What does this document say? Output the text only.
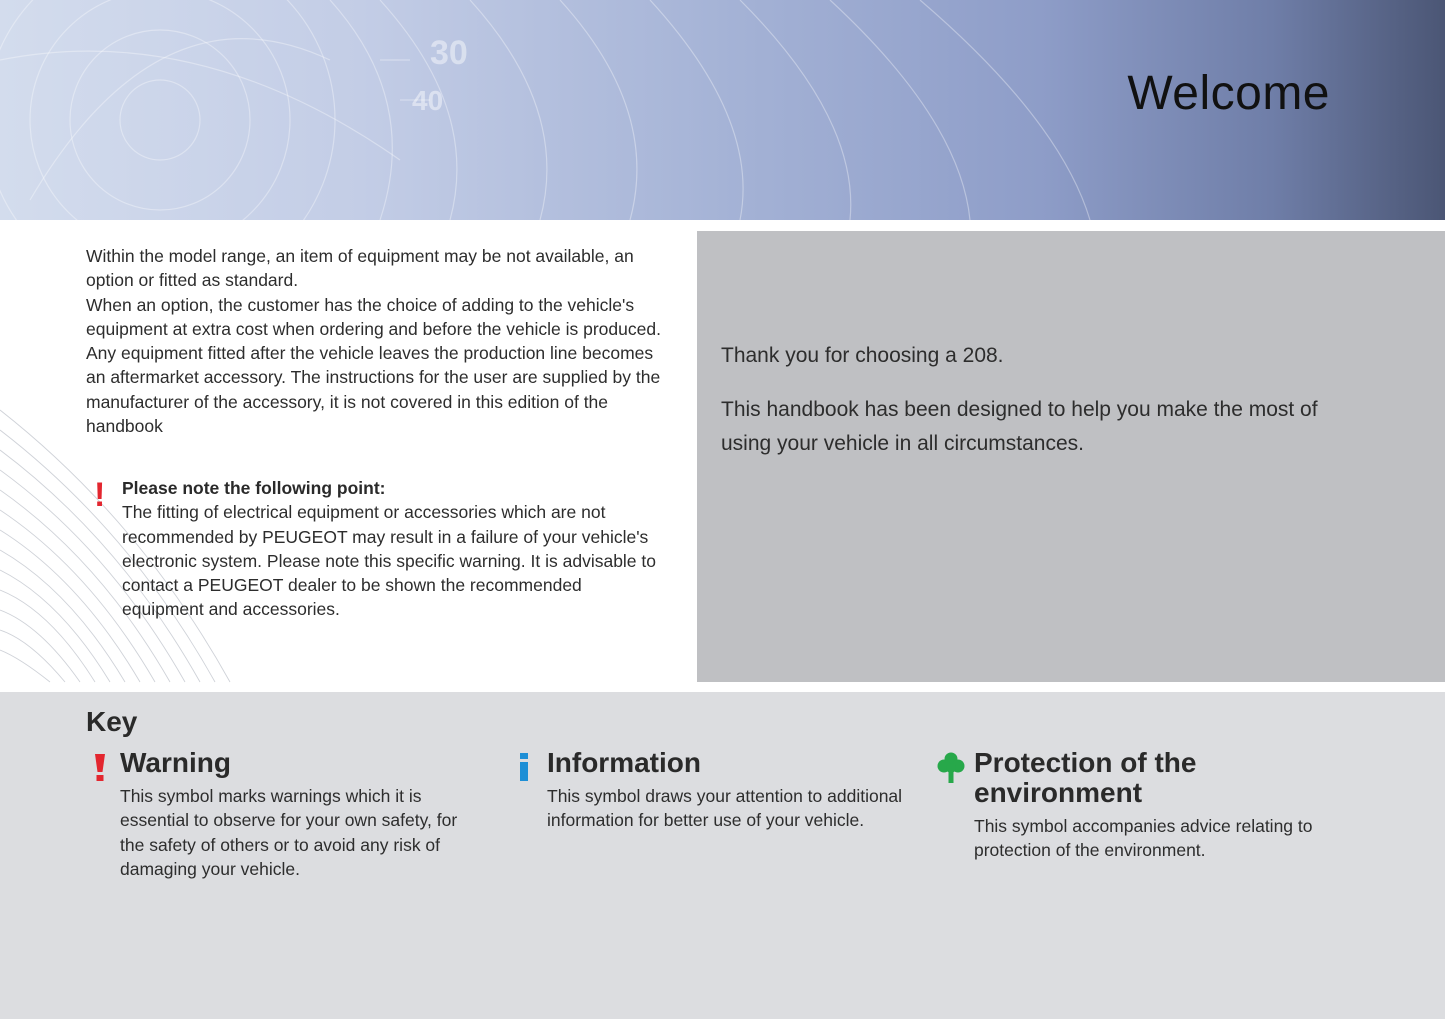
30
40	Welcome

Within the model range, an item of equipment may be not available, an option or fitted as standard.

When an option, the customer has the choice of adding to the vehicle's equipment at extra cost when ordering and before the vehicle is produced.

Any equipment fitted after the vehicle leaves the production line becomes an aftermarket accessory. The instructions for the user are supplied by the manufacturer of the accessory, it is not covered in this edition of the handbook

! Please note the following point:
The fitting of electrical equipment or accessories which are not recommended by PEUGEOT may result in a failure of your vehicle's electronic system. Please note this specific warning. It is advisable to contact a PEUGEOT dealer to be shown the recommended equipment and accessories.

Thank you for choosing a 208.

This handbook has been designed to help you make the most of using your vehicle in all circumstances.

Key
Warning

This symbol marks warnings which it is essential to observe for your own safety, for the safety of others or to avoid any risk of damaging your vehicle.

Information

This symbol draws your attention to additional information for better use of your vehicle.

Protection of the environment

This symbol accompanies advice relating to protection of the environment.
